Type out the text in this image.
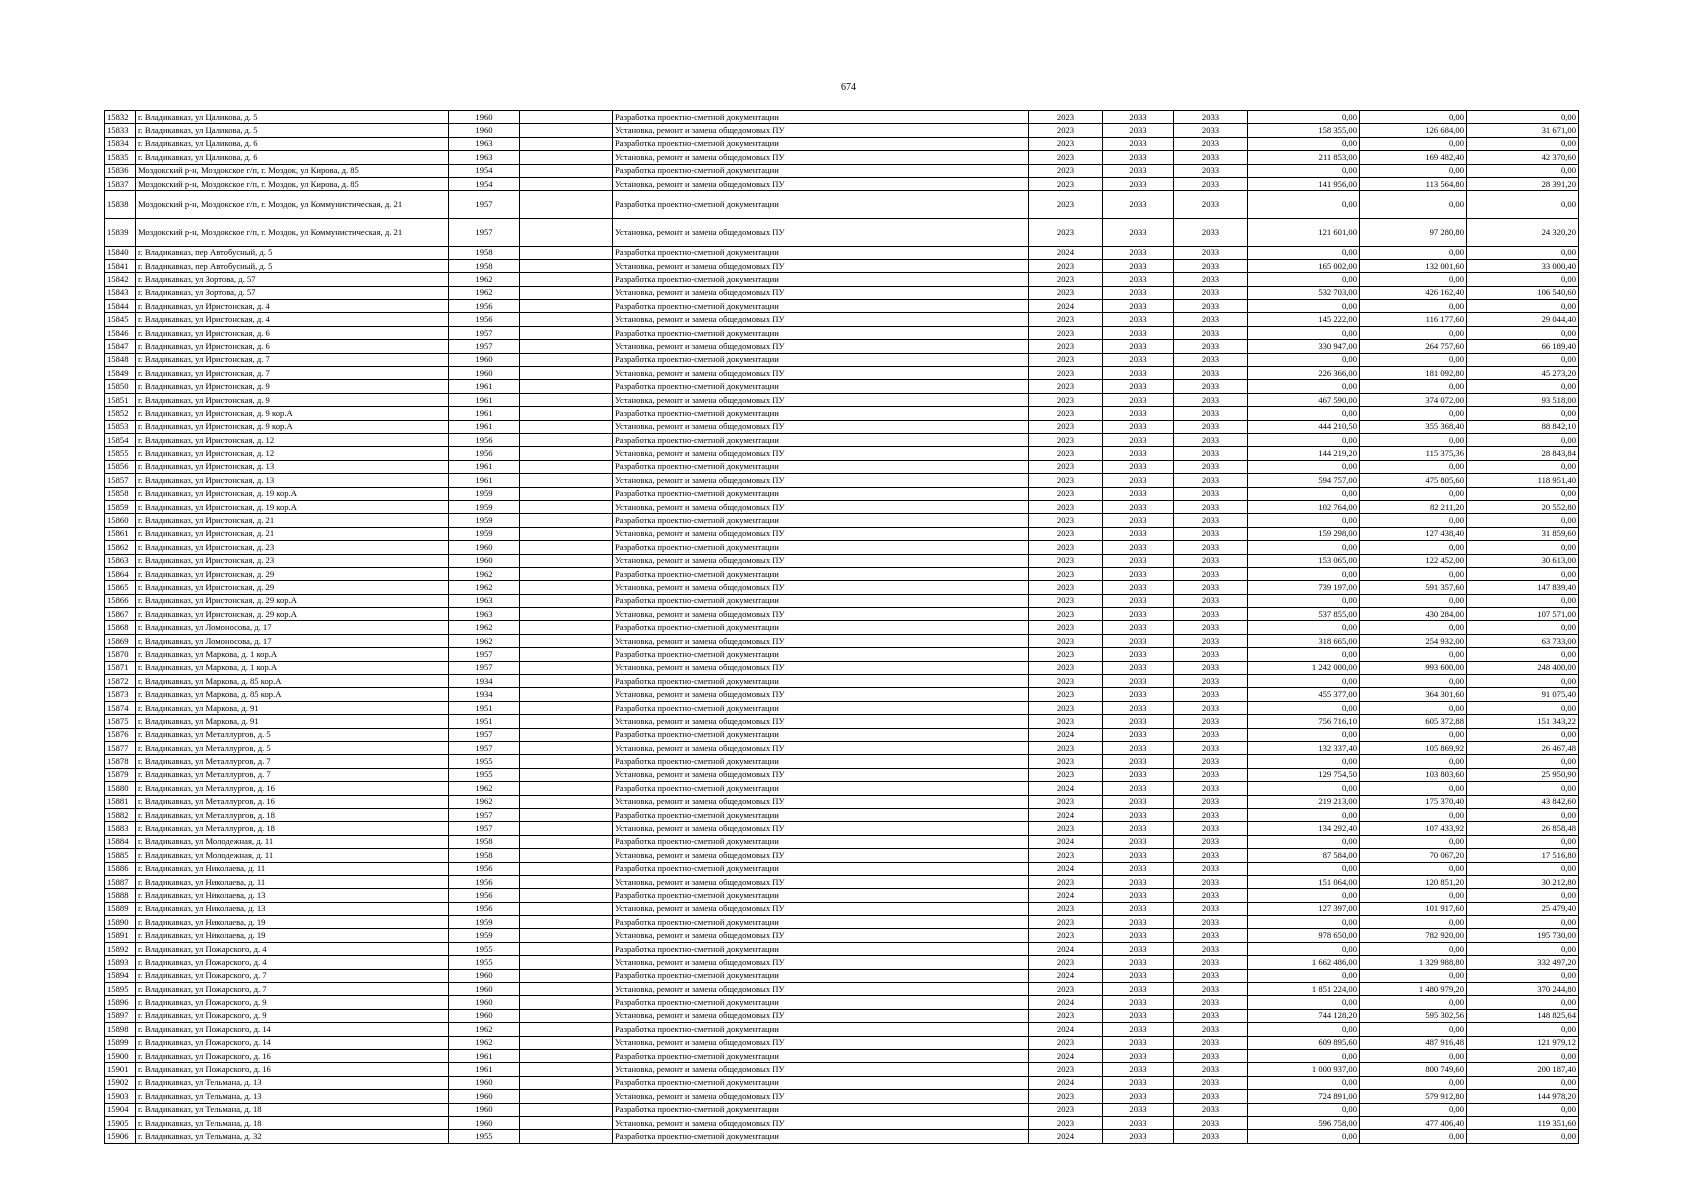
674
15832	г. Владикавказ, ул Цаликова, д. 5	1960		Разработка проектно-сметной документации	2023	2033	2033	0,00	0,00	0,00
15833	г. Владикавказ, ул Цаликова, д. 5	1960		Установка, ремонт и замена общедомовых ПУ	2023	2033	2033	158 355,00	126 684,00	31 671,00
15834	г. Владикавказ, ул Цаликова, д. 6	1963		Разработка проектно-сметной документации	2023	2033	2033	0,00	0,00	0,00
15835	г. Владикавказ, ул Цаликова, д. 6	1963		Установка, ремонт и замена общедомовых ПУ	2023	2033	2033	211 853,00	169 482,40	42 370,60
15836	Моздокский р-н, Моздокское г/п, г. Моздок, ул Кирова, д. 85	1954		Разработка проектно-сметной документации	2023	2033	2033	0,00	0,00	0,00
15837	Моздокский р-н, Моздокское г/п, г. Моздок, ул Кирова, д. 85	1954		Установка, ремонт и замена общедомовых ПУ	2023	2033	2033	141 956,00	113 564,80	28 391,20
15838	Моздокский р-н, Моздокское г/п, г. Моздок, ул Коммунистическая, д. 21	1957		Разработка проектно-сметной документации	2023	2033	2033	0,00	0,00	0,00
15839	Моздокский р-н, Моздокское г/п, г. Моздок, ул Коммунистическая, д. 21	1957		Установка, ремонт и замена общедомовых ПУ	2023	2033	2033	121 601,00	97 280,80	24 320,20
15840	г. Владикавказ, пер Автобусный, д. 5	1958		Разработка проектно-сметной документации	2024	2033	2033	0,00	0,00	0,00
15841	г. Владикавказ, пер Автобусный, д. 5	1958		Установка, ремонт и замена общедомовых ПУ	2023	2033	2033	165 002,00	132 001,60	33 000,40
15842	г. Владикавказ, ул Зортова, д. 57	1962		Разработка проектно-сметной документации	2023	2033	2033	0,00	0,00	0,00
15843	г. Владикавказ, ул Зортова, д. 57	1962		Установка, ремонт и замена общедомовых ПУ	2023	2033	2033	532 703,00	426 162,40	106 540,60
15844	г. Владикавказ, ул Иристонская, д. 4	1956		Разработка проектно-сметной документации	2024	2033	2033	0,00	0,00	0,00
15845	г. Владикавказ, ул Иристонская, д. 4	1956		Установка, ремонт и замена общедомовых ПУ	2023	2033	2033	145 222,00	116 177,60	29 044,40
15846	г. Владикавказ, ул Иристонская, д. 6	1957		Разработка проектно-сметной документации	2023	2033	2033	0,00	0,00	0,00
15847	г. Владикавказ, ул Иристонская, д. 6	1957		Установка, ремонт и замена общедомовых ПУ	2023	2033	2033	330 947,00	264 757,60	66 189,40
15848	г. Владикавказ, ул Иристонская, д. 7	1960		Разработка проектно-сметной документации	2023	2033	2033	0,00	0,00	0,00
15849	г. Владикавказ, ул Иристонская, д. 7	1960		Установка, ремонт и замена общедомовых ПУ	2023	2033	2033	226 366,00	181 092,80	45 273,20
15850	г. Владикавказ, ул Иристонская, д. 9	1961		Разработка проектно-сметной документации	2023	2033	2033	0,00	0,00	0,00
15851	г. Владикавказ, ул Иристонская, д. 9	1961		Установка, ремонт и замена общедомовых ПУ	2023	2033	2033	467 590,00	374 072,00	93 518,00
15852	г. Владикавказ, ул Иристонская, д. 9 кор.А	1961		Разработка проектно-сметной документации	2023	2033	2033	0,00	0,00	0,00
15853	г. Владикавказ, ул Иристонская, д. 9 кор.А	1961		Установка, ремонт и замена общедомовых ПУ	2023	2033	2033	444 210,50	355 368,40	88 842,10
15854	г. Владикавказ, ул Иристонская, д. 12	1956		Разработка проектно-сметной документации	2023	2033	2033	0,00	0,00	0,00
15855	г. Владикавказ, ул Иристонская, д. 12	1956		Установка, ремонт и замена общедомовых ПУ	2023	2033	2033	144 219,20	115 375,36	28 843,84
15856	г. Владикавказ, ул Иристонская, д. 13	1961		Разработка проектно-сметной документации	2023	2033	2033	0,00	0,00	0,00
15857	г. Владикавказ, ул Иристонская, д. 13	1961		Установка, ремонт и замена общедомовых ПУ	2023	2033	2033	594 757,00	475 805,60	118 951,40
15858	г. Владикавказ, ул Иристонская, д. 19 кор.А	1959		Разработка проектно-сметной документации	2023	2033	2033	0,00	0,00	0,00
15859	г. Владикавказ, ул Иристонская, д. 19 кор.А	1959		Установка, ремонт и замена общедомовых ПУ	2023	2033	2033	102 764,00	82 211,20	20 552,80
15860	г. Владикавказ, ул Иристонская, д. 21	1959		Разработка проектно-сметной документации	2023	2033	2033	0,00	0,00	0,00
15861	г. Владикавказ, ул Иристонская, д. 21	1959		Установка, ремонт и замена общедомовых ПУ	2023	2033	2033	159 298,00	127 438,40	31 859,60
15862	г. Владикавказ, ул Иристонская, д. 23	1960		Разработка проектно-сметной документации	2023	2033	2033	0,00	0,00	0,00
15863	г. Владикавказ, ул Иристонская, д. 23	1960		Установка, ремонт и замена общедомовых ПУ	2023	2033	2033	153 065,00	122 452,00	30 613,00
15864	г. Владикавказ, ул Иристонская, д. 29	1962		Разработка проектно-сметной документации	2023	2033	2033	0,00	0,00	0,00
15865	г. Владикавказ, ул Иристонская, д. 29	1962		Установка, ремонт и замена общедомовых ПУ	2023	2033	2033	739 197,00	591 357,60	147 839,40
15866	г. Владикавказ, ул Иристонская, д. 29 кор.А	1963		Разработка проектно-сметной документации	2023	2033	2033	0,00	0,00	0,00
15867	г. Владикавказ, ул Иристонская, д. 29 кор.А	1963		Установка, ремонт и замена общедомовых ПУ	2023	2033	2033	537 855,00	430 284,00	107 571,00
15868	г. Владикавказ, ул Ломоносова, д. 17	1962		Разработка проектно-сметной документации	2023	2033	2033	0,00	0,00	0,00
15869	г. Владикавказ, ул Ломоносова, д. 17	1962		Установка, ремонт и замена общедомовых ПУ	2023	2033	2033	318 665,00	254 932,00	63 733,00
15870	г. Владикавказ, ул Маркова, д. 1 кор.А	1957		Разработка проектно-сметной документации	2023	2033	2033	0,00	0,00	0,00
15871	г. Владикавказ, ул Маркова, д. 1 кор.А	1957		Установка, ремонт и замена общедомовых ПУ	2023	2033	2033	1 242 000,00	993 600,00	248 400,00
15872	г. Владикавказ, ул Маркова, д. 85 кор.А	1934		Разработка проектно-сметной документации	2023	2033	2033	0,00	0,00	0,00
15873	г. Владикавказ, ул Маркова, д. 85 кор.А	1934		Установка, ремонт и замена общедомовых ПУ	2023	2033	2033	455 377,00	364 301,60	91 075,40
15874	г. Владикавказ, ул Маркова, д. 91	1951		Разработка проектно-сметной документации	2023	2033	2033	0,00	0,00	0,00
15875	г. Владикавказ, ул Маркова, д. 91	1951		Установка, ремонт и замена общедомовых ПУ	2023	2033	2033	756 716,10	605 372,88	151 343,22
15876	г. Владикавказ, ул Металлургов, д. 5	1957		Разработка проектно-сметной документации	2024	2033	2033	0,00	0,00	0,00
15877	г. Владикавказ, ул Металлургов, д. 5	1957		Установка, ремонт и замена общедомовых ПУ	2023	2033	2033	132 337,40	105 869,92	26 467,48
15878	г. Владикавказ, ул Металлургов, д. 7	1955		Разработка проектно-сметной документации	2023	2033	2033	0,00	0,00	0,00
15879	г. Владикавказ, ул Металлургов, д. 7	1955		Установка, ремонт и замена общедомовых ПУ	2023	2033	2033	129 754,50	103 803,60	25 950,90
15880	г. Владикавказ, ул Металлургов, д. 16	1962		Разработка проектно-сметной документации	2024	2033	2033	0,00	0,00	0,00
15881	г. Владикавказ, ул Металлургов, д. 16	1962		Установка, ремонт и замена общедомовых ПУ	2023	2033	2033	219 213,00	175 370,40	43 842,60
15882	г. Владикавказ, ул Металлургов, д. 18	1957		Разработка проектно-сметной документации	2024	2033	2033	0,00	0,00	0,00
15883	г. Владикавказ, ул Металлургов, д. 18	1957		Установка, ремонт и замена общедомовых ПУ	2023	2033	2033	134 292,40	107 433,92	26 858,48
15884	г. Владикавказ, ул Молодежная, д. 11	1958		Разработка проектно-сметной документации	2024	2033	2033	0,00	0,00	0,00
15885	г. Владикавказ, ул Молодежная, д. 11	1958		Установка, ремонт и замена общедомовых ПУ	2023	2033	2033	87 584,00	70 067,20	17 516,80
15886	г. Владикавказ, ул Николаева, д. 11	1956		Разработка проектно-сметной документации	2024	2033	2033	0,00	0,00	0,00
15887	г. Владикавказ, ул Николаева, д. 11	1956		Установка, ремонт и замена общедомовых ПУ	2023	2033	2033	151 064,00	120 851,20	30 212,80
15888	г. Владикавказ, ул Николаева, д. 13	1956		Разработка проектно-сметной документации	2024	2033	2033	0,00	0,00	0,00
15889	г. Владикавказ, ул Николаева, д. 13	1956		Установка, ремонт и замена общедомовых ПУ	2023	2033	2033	127 397,00	101 917,60	25 479,40
15890	г. Владикавказ, ул Николаева, д. 19	1959		Разработка проектно-сметной документации	2023	2033	2033	0,00	0,00	0,00
15891	г. Владикавказ, ул Николаева, д. 19	1959		Установка, ремонт и замена общедомовых ПУ	2023	2033	2033	978 650,00	782 920,00	195 730,00
15892	г. Владикавказ, ул Пожарского, д. 4	1955		Разработка проектно-сметной документации	2024	2033	2033	0,00	0,00	0,00
15893	г. Владикавказ, ул Пожарского, д. 4	1955		Установка, ремонт и замена общедомовых ПУ	2023	2033	2033	1 662 486,00	1 329 988,80	332 497,20
15894	г. Владикавказ, ул Пожарского, д. 7	1960		Разработка проектно-сметной документации	2024	2033	2033	0,00	0,00	0,00
15895	г. Владикавказ, ул Пожарского, д. 7	1960		Установка, ремонт и замена общедомовых ПУ	2023	2033	2033	1 851 224,00	1 480 979,20	370 244,80
15896	г. Владикавказ, ул Пожарского, д. 9	1960		Разработка проектно-сметной документации	2024	2033	2033	0,00	0,00	0,00
15897	г. Владикавказ, ул Пожарского, д. 9	1960		Установка, ремонт и замена общедомовых ПУ	2023	2033	2033	744 128,20	595 302,56	148 825,64
15898	г. Владикавказ, ул Пожарского, д. 14	1962		Разработка проектно-сметной документации	2024	2033	2033	0,00	0,00	0,00
15899	г. Владикавказ, ул Пожарского, д. 14	1962		Установка, ремонт и замена общедомовых ПУ	2023	2033	2033	609 895,60	487 916,48	121 979,12
15900	г. Владикавказ, ул Пожарского, д. 16	1961		Разработка проектно-сметной документации	2024	2033	2033	0,00	0,00	0,00
15901	г. Владикавказ, ул Пожарского, д. 16	1961		Установка, ремонт и замена общедомовых ПУ	2023	2033	2033	1 000 937,00	800 749,60	200 187,40
15902	г. Владикавказ, ул Тельмана, д. 13	1960		Разработка проектно-сметной документации	2024	2033	2033	0,00	0,00	0,00
15903	г. Владикавказ, ул Тельмана, д. 13	1960		Установка, ремонт и замена общедомовых ПУ	2023	2033	2033	724 891,00	579 912,80	144 978,20
15904	г. Владикавказ, ул Тельмана, д. 18	1960		Разработка проектно-сметной документации	2023	2033	2033	0,00	0,00	0,00
15905	г. Владикавказ, ул Тельмана, д. 18	1960		Установка, ремонт и замена общедомовых ПУ	2023	2033	2033	596 758,00	477 406,40	119 351,60
15906	г. Владикавказ, ул Тельмана, д. 32	1955		Разработка проектно-сметной документации	2024	2033	2033	0,00	0,00	0,00
